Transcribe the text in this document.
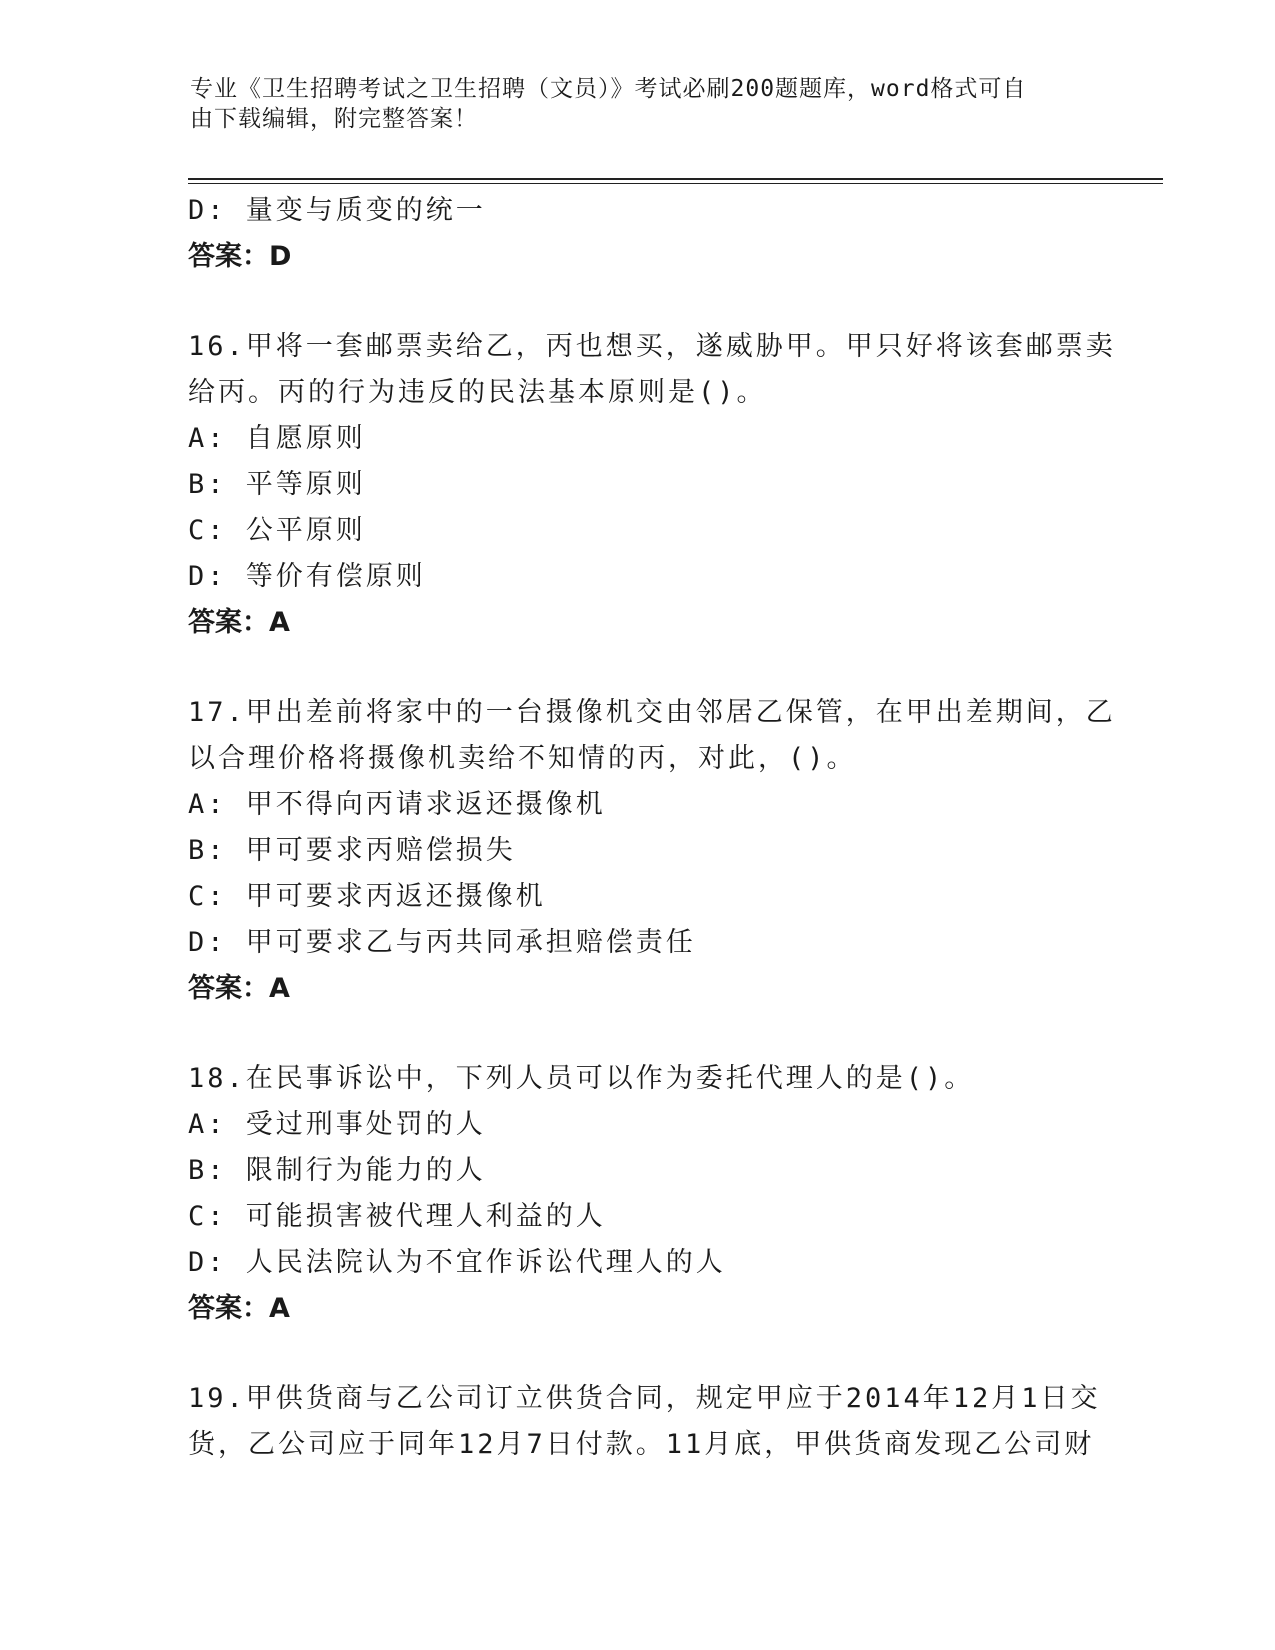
专业《卫生招聘考试之卫生招聘（文员）》考试必刷200题题库，word格式可自
由下载编辑，附完整答案！
D: 量变与质变的统一
答案：D
16.甲将一套邮票卖给乙，丙也想买，遂威胁甲。甲只好将该套邮票卖
给丙。丙的行为违反的民法基本原则是()。
A: 自愿原则
B: 平等原则
C: 公平原则
D: 等价有偿原则
答案：A
17.甲出差前将家中的一台摄像机交由邻居乙保管，在甲出差期间，乙
以合理价格将摄像机卖给不知情的丙，对此，()。
A: 甲不得向丙请求返还摄像机
B: 甲可要求丙赔偿损失
C: 甲可要求丙返还摄像机
D: 甲可要求乙与丙共同承担赔偿责任
答案：A
18.在民事诉讼中，下列人员可以作为委托代理人的是()。
A: 受过刑事处罚的人
B: 限制行为能力的人
C: 可能损害被代理人利益的人
D: 人民法院认为不宜作诉讼代理人的人
答案：A
19.甲供货商与乙公司订立供货合同，规定甲应于2014年12月1日交
货，乙公司应于同年12月7日付款。11月底，甲供货商发现乙公司财
